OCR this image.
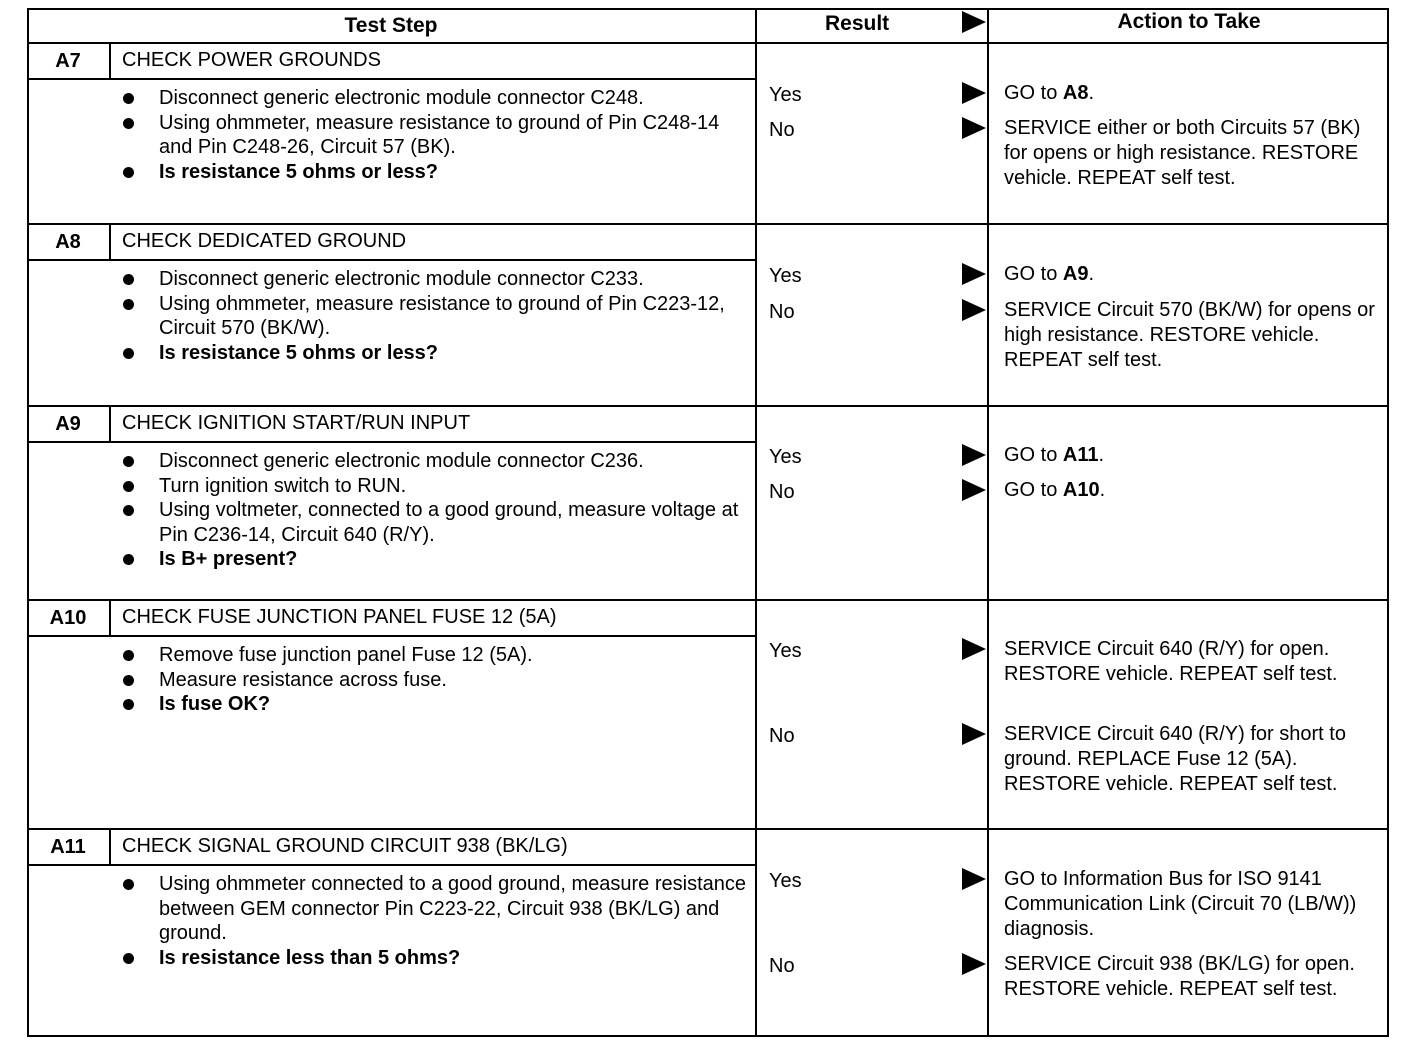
Test Step	Result	Action to Take
A7	CHECK POWER GROUNDS
Disconnect generic electronic module connector C248.
Using ohmmeter, measure resistance to ground of Pin C248-14 and Pin C248-26, Circuit 57 (BK).
Is resistance 5 ohms or less?
Yes	GO to A8.
No	SERVICE either or both Circuits 57 (BK) for opens or high resistance. RESTORE vehicle. REPEAT self test.
A8	CHECK DEDICATED GROUND
Disconnect generic electronic module connector C233.
Using ohmmeter, measure resistance to ground of Pin C223-12, Circuit 570 (BK/W).
Is resistance 5 ohms or less?
Yes	GO to A9.
No	SERVICE Circuit 570 (BK/W) for opens or high resistance. RESTORE vehicle. REPEAT self test.
A9	CHECK IGNITION START/RUN INPUT
Disconnect generic electronic module connector C236.
Turn ignition switch to RUN.
Using voltmeter, connected to a good ground, measure voltage at Pin C236-14, Circuit 640 (R/Y).
Is B+ present?
Yes	GO to A11.
No	GO to A10.
A10	CHECK FUSE JUNCTION PANEL FUSE 12 (5A)
Remove fuse junction panel Fuse 12 (5A).
Measure resistance across fuse.
Is fuse OK?
Yes	SERVICE Circuit 640 (R/Y) for open. RESTORE vehicle. REPEAT self test.
No	SERVICE Circuit 640 (R/Y) for short to ground. REPLACE Fuse 12 (5A). RESTORE vehicle. REPEAT self test.
A11	CHECK SIGNAL GROUND CIRCUIT 938 (BK/LG)
Using ohmmeter connected to a good ground, measure resistance between GEM connector Pin C223-22, Circuit 938 (BK/LG) and ground.
Is resistance less than 5 ohms?
Yes	GO to Information Bus for ISO 9141 Communication Link (Circuit 70 (LB/W)) diagnosis.
No	SERVICE Circuit 938 (BK/LG) for open. RESTORE vehicle. REPEAT self test.
